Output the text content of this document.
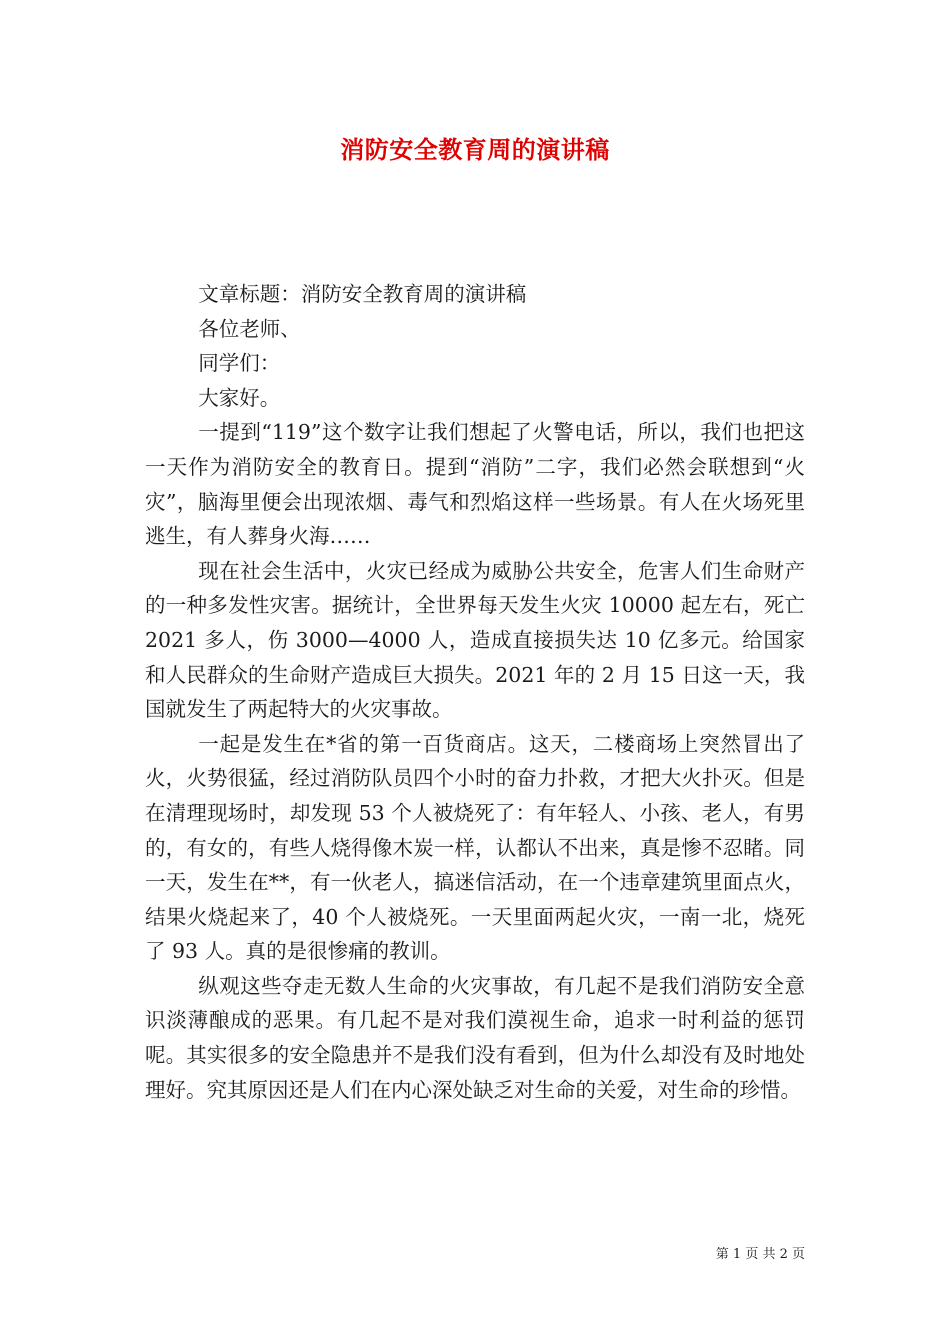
消防安全教育周的演讲稿

文章标题：消防安全教育周的演讲稿

各位老师、

同学们：

大家好。

一提到“119”这个数字让我们想起了火警电话，所以，我们也把这一天作为消防安全的教育日。提到“消防”二字，我们必然会联想到“火灾”，脑海里便会出现浓烟、毒气和烈焰这样一些场景。有人在火场死里逃生，有人葬身火海……

现在社会生活中，火灾已经成为威胁公共安全，危害人们生命财产的一种多发性灾害。据统计，全世界每天发生火灾 10000 起左右，死亡 2021 多人，伤 3000—4000 人，造成直接损失达 10 亿多元。给国家和人民群众的生命财产造成巨大损失。2021 年的 2 月 15 日这一天，我国就发生了两起特大的火灾事故。

一起是发生在*省的第一百货商店。这天，二楼商场上突然冒出了火，火势很猛，经过消防队员四个小时的奋力扑救，才把大火扑灭。但是在清理现场时，却发现 53 个人被烧死了：有年轻人、小孩、老人，有男的，有女的，有些人烧得像木炭一样，认都认不出来，真是惨不忍睹。同一天，发生在**，有一伙老人，搞迷信活动，在一个违章建筑里面点火，结果火烧起来了，40 个人被烧死。一天里面两起火灾，一南一北，烧死了 93 人。真的是很惨痛的教训。

纵观这些夺走无数人生命的火灾事故，有几起不是我们消防安全意识淡薄酿成的恶果。有几起不是对我们漠视生命，追求一时利益的惩罚呢。其实很多的安全隐患并不是我们没有看到，但为什么却没有及时地处理好。究其原因还是人们在内心深处缺乏对生命的关爱，对生命的珍惜。

第 1 页 共 2 页
